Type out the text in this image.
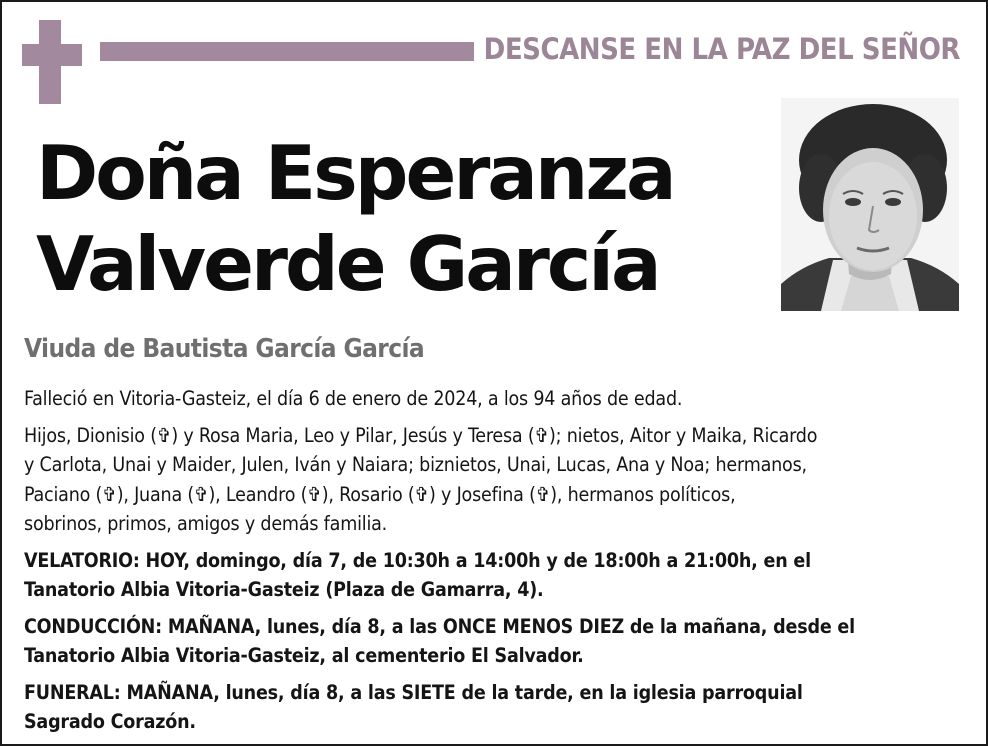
DESCANSE EN LA PAZ DEL SEÑOR
Doña Esperanza
Valverde García
Viuda de Bautista García García

Falleció en Vitoria-Gasteiz, el día 6 de enero de 2024, a los 94 años de edad.

Hijos, Dionisio (✞) y Rosa Maria, Leo y Pilar, Jesús y Teresa (✞); nietos, Aitor y Maika, Ricardo
y Carlota, Unai y Maider, Julen, Iván y Naiara; biznietos, Unai, Lucas, Ana y Noa; hermanos,
Paciano (✞), Juana (✞), Leandro (✞), Rosario (✞) y Josefina (✞), hermanos políticos,
sobrinos, primos, amigos y demás familia.

VELATORIO: HOY, domingo, día 7, de 10:30h a 14:00h y de 18:00h a 21:00h, en el
Tanatorio Albia Vitoria-Gasteiz (Plaza de Gamarra, 4).

CONDUCCIÓN: MAÑANA, lunes, día 8, a las ONCE MENOS DIEZ de la mañana, desde el
Tanatorio Albia Vitoria-Gasteiz, al cementerio El Salvador.

FUNERAL: MAÑANA, lunes, día 8, a las SIETE de la tarde, en la iglesia parroquial
Sagrado Corazón.
